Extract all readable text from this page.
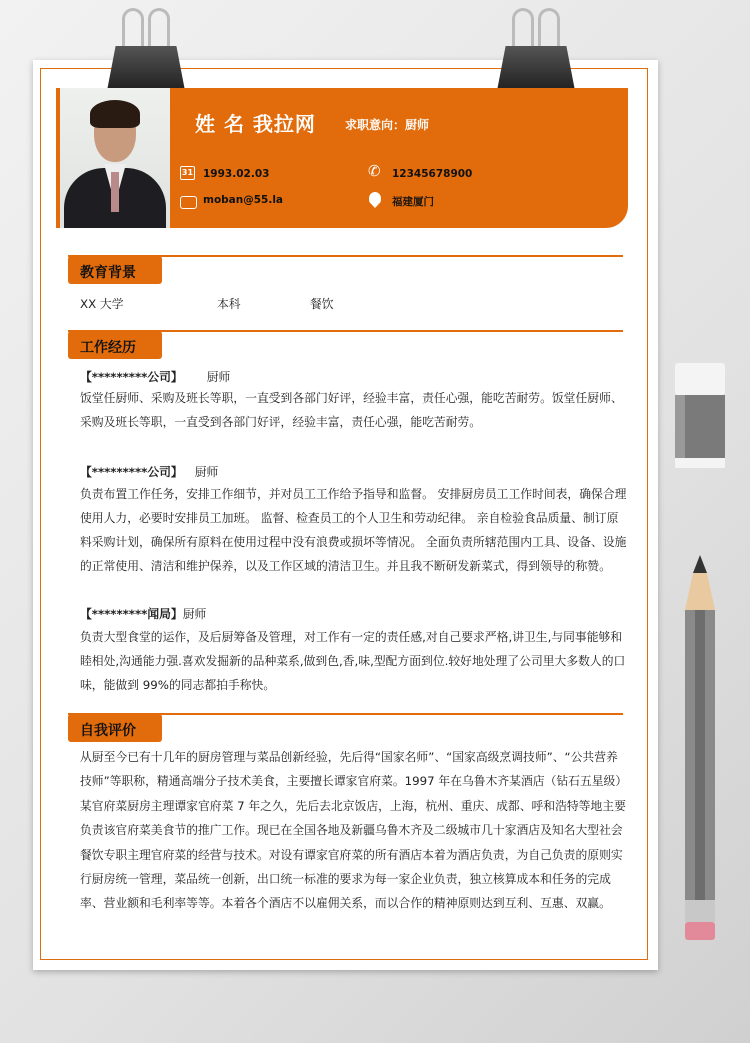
姓 名 我拉网 求职意向：厨师
31 1993.02.03
moban@55.la
✆ 12345678900
福建厦门
教育背景
XX 大学	本科	餐饮
工作经历
【*********公司】 厨师
饭堂任厨师、采购及班长等职，一直受到各部门好评，经验丰富，责任心强，能吃苦耐劳。饭堂任厨师、采购及班长等职，一直受到各部门好评，经验丰富，责任心强，能吃苦耐劳。
【*********公司】 厨师
负责布置工作任务，安排工作细节，并对员工工作给予指导和监督。 安排厨房员工工作时间表，确保合理使用人力，必要时安排员工加班。 监督、检查员工的个人卫生和劳动纪律。 亲自检验食品质量、制订原料采购计划，确保所有原料在使用过程中没有浪费或损坏等情况。 全面负责所辖范围内工具、设备、设施的正常使用、清洁和维护保养，以及工作区域的清洁卫生。并且我不断研发新菜式，得到领导的称赞。
【*********闻局】厨师
负责大型食堂的运作，及后厨筹备及管理，对工作有一定的责任感,对自己要求严格,讲卫生,与同事能够和睦相处,沟通能力强.喜欢发掘新的品种菜系,做到色,香,味,型配方面到位.较好地处理了公司里大多数人的口味，能做到 99%的同志都拍手称快。
自我评价
从厨至今已有十几年的厨房管理与菜品创新经验，先后得“国家名师”、“国家高级烹调技师”、“公共营养技师”等职称，精通高端分子技术美食，主要擅长谭家官府菜。1997 年在乌鲁木齐某酒店（钻石五星级）某官府菜厨房主理谭家官府菜 7 年之久，先后去北京饭店，上海，杭州、重庆、成都、呼和浩特等地主要负责该官府菜美食节的推广工作。现已在全国各地及新疆乌鲁木齐及二级城市几十家酒店及知名大型社会餐饮专职主理官府菜的经营与技术。对设有谭家官府菜的所有酒店本着为酒店负责，为自己负责的原则实行厨房统一管理，菜品统一创新，出口统一标准的要求为每一家企业负责，独立核算成本和任务的完成率、营业额和毛利率等等。本着各个酒店不以雇佣关系，而以合作的精神原则达到互利、互惠、双赢。
